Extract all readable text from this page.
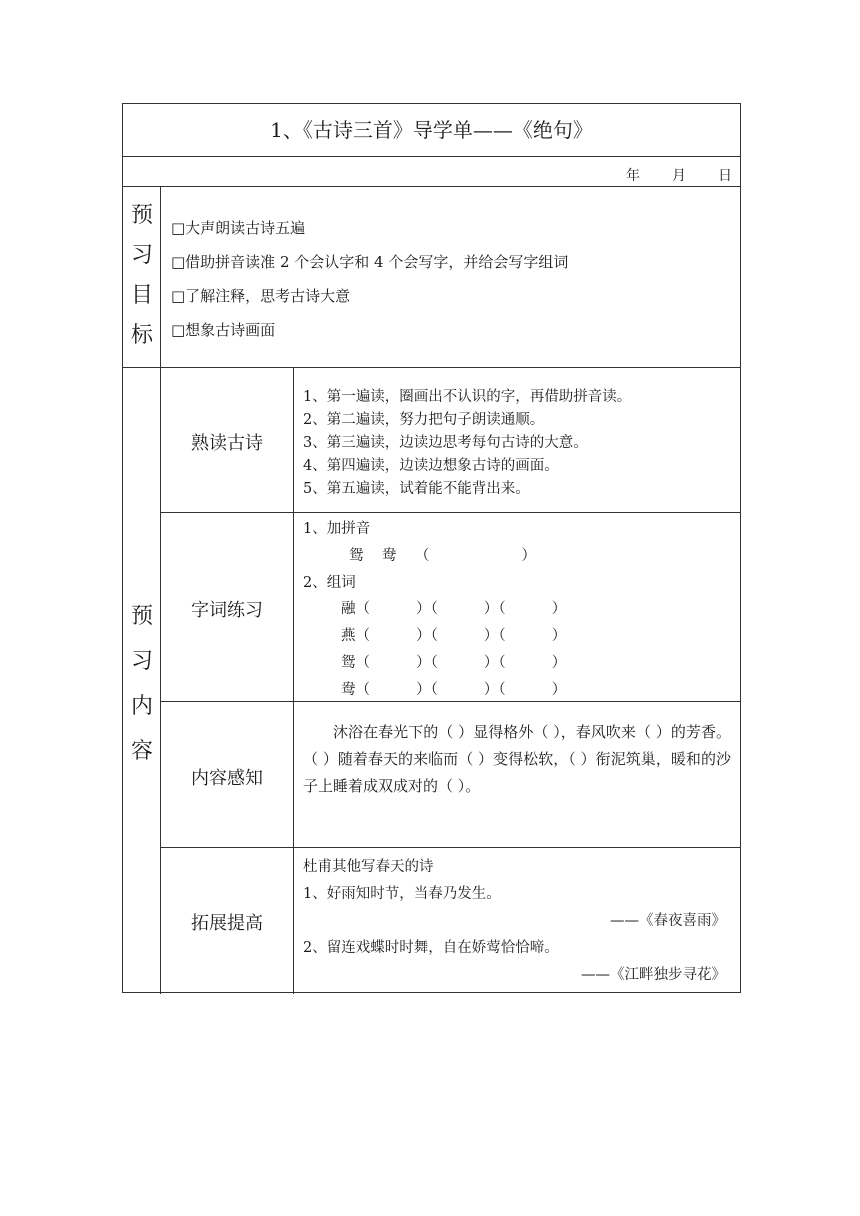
1、《古诗三首》导学单——《绝句》
年 月 日
预
习
目
标
□大声朗读古诗五遍
□借助拼音读准 2 个会认字和 4 个会写字，并给会写字组词
□了解注释，思考古诗大意
□想象古诗画面
预
习
内
容
熟读古诗
1、第一遍读，圈画出不认识的字，再借助拼音读。
2、第二遍读，努力把句子朗读通顺。
3、第三遍读，边读边思考每句古诗的大意。
4、第四遍读，边读边想象古诗的画面。
5、第五遍读，试着能不能背出来。
字词练习
1、加拼音
鸳    鸯    （                    ）
2、组词
融（          ）（          ）（          ）
燕（          ）（          ）（          ）
鸳（          ）（          ）（          ）
鸯（          ）（          ）（          ）
内容感知
沐浴在春光下的（ ）显得格外（ ），春风吹来（ ）的芳香。（ ）随着春天的来临而（ ）变得松软，（ ）衔泥筑巢，暖和的沙子上睡着成双成对的（ ）。
拓展提高
杜甫其他写春天的诗
1、好雨知时节，当春乃发生。
——《春夜喜雨》
2、留连戏蝶时时舞，自在娇莺恰恰啼。
——《江畔独步寻花》
